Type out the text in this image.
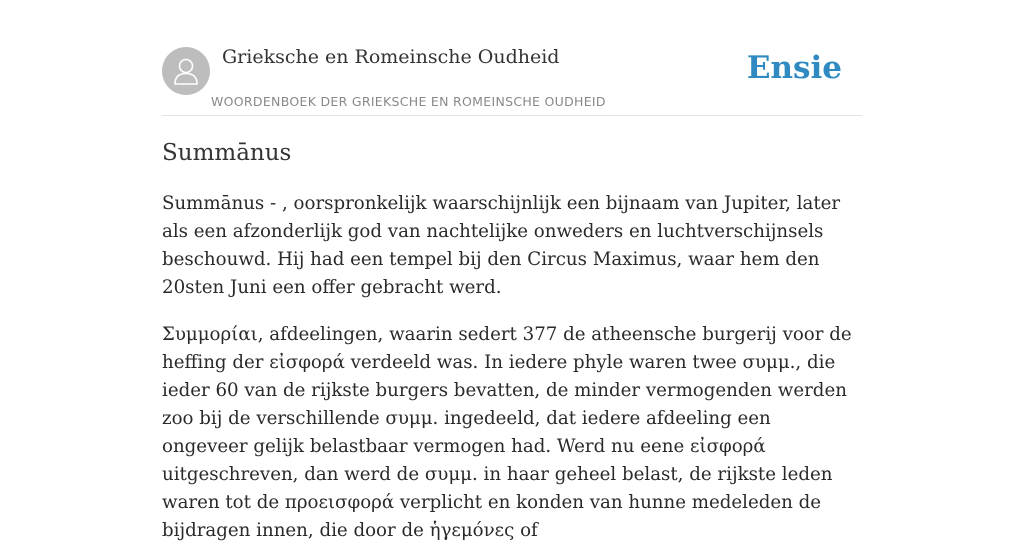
Grieksche en Romeinsche Oudheid
WOORDENBOEK DER GRIEKSCHE EN ROMEINSCHE OUDHEID
Ensie
Summānus

Summānus - , oorspronkelijk waarschijnlijk een bijnaam van Jupiter, later als een afzonderlijk god van nachtelijke onweders en luchtverschijnsels beschouwd. Hij had een tempel bij den Circus Maximus, waar hem den 20sten Juni een offer gebracht werd.

Συμμορίαι, afdeelingen, waarin sedert 377 de atheensche burgerij voor de heffing der εἰσφορά verdeeld was. In iedere phyle waren twee συμμ., die ieder 60 van de rijkste burgers bevatten, de minder vermogenden werden zoo bij de verschillende συμμ. ingedeeld, dat iedere afdeeling een ongeveer gelijk belastbaar vermogen had. Werd nu eene εἰσφορά uitgeschreven, dan werd de συμμ. in haar geheel belast, de rijkste leden waren tot de προεισφορά verplicht en konden van hunne medeleden de bijdragen innen, die door de ἡγεμόνες of
